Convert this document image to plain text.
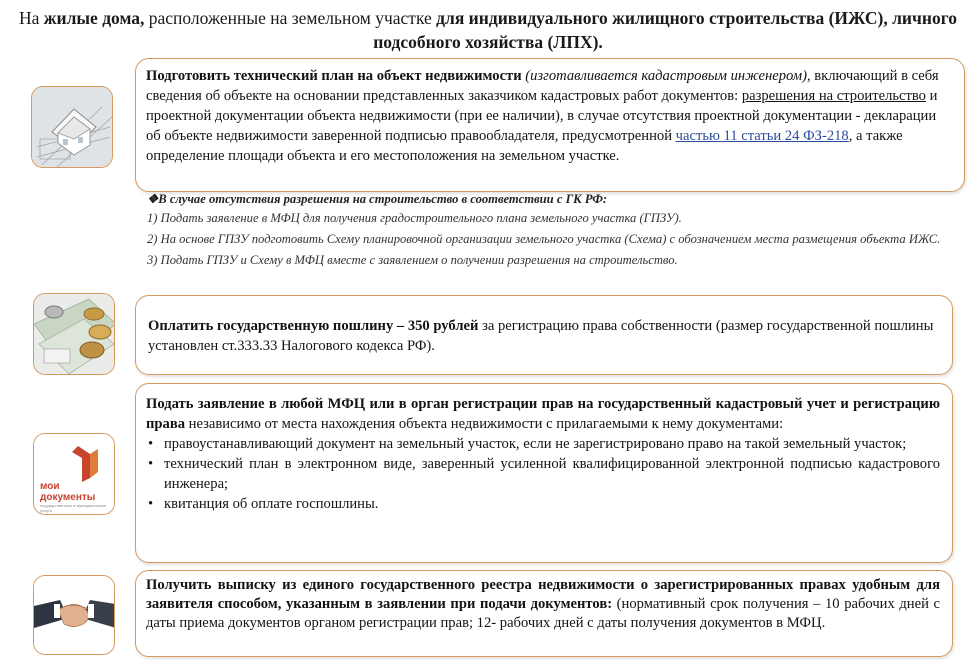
На жилые дома, расположенные на земельном участке для индивидуального жилищного строительства (ИЖС), личного подсобного хозяйства (ЛПХ).

Подготовить технический план на объект недвижимости (изготавливается кадастровым инженером), включающий в себя сведения об объекте на основании представленных заказчиком кадастровых работ документов: разрешения на строительство и проектной документации объекта недвижимости (при ее наличии), в случае отсутствия проектной документации - декларации об объекте недвижимости заверенной подписью правообладателя, предусмотренной частью 11 статьи 24 ФЗ-218, а также определение площади объекта и его местоположения на земельном участке.

❖В случае отсутствия разрешения на строительство в соответствии с ГК РФ:
1) Подать заявление в МФЦ для получения градостроительного плана земельного участка (ГПЗУ).
2) На основе ГПЗУ подготовить Схему планировочной организации земельного участка (Схема) с обозначением места размещения объекта ИЖС.
3) Подать ГПЗУ и Схему в МФЦ вместе с заявлением о получении разрешения на строительство.

Оплатить государственную пошлину – 350 рублей за регистрацию права собственности (размер государственной пошлины установлен ст.333.33 Налогового кодекса РФ).

мои
документы
государственные и муниципальные услуги

Подать заявление в любой МФЦ или в орган регистрации прав на государственный кадастровый учет и регистрацию права независимо от места нахождения объекта недвижимости с прилагаемыми к нему документами:

• правоустанавливающий документ на земельный участок, если не зарегистрировано право на такой земельный участок;
• технический план в электронном виде, заверенный усиленной квалифицированной электронной подписью кадастрового инженера;
• квитанция об оплате госпошлины.

Получить выписку из единого государственного реестра недвижимости о зарегистрированных правах удобным для заявителя способом, указанным в заявлении при подачи документов: (нормативный срок получения – 10 рабочих дней с даты приема документов органом регистрации прав; 12- рабочих дней с даты получения документов в МФЦ.
